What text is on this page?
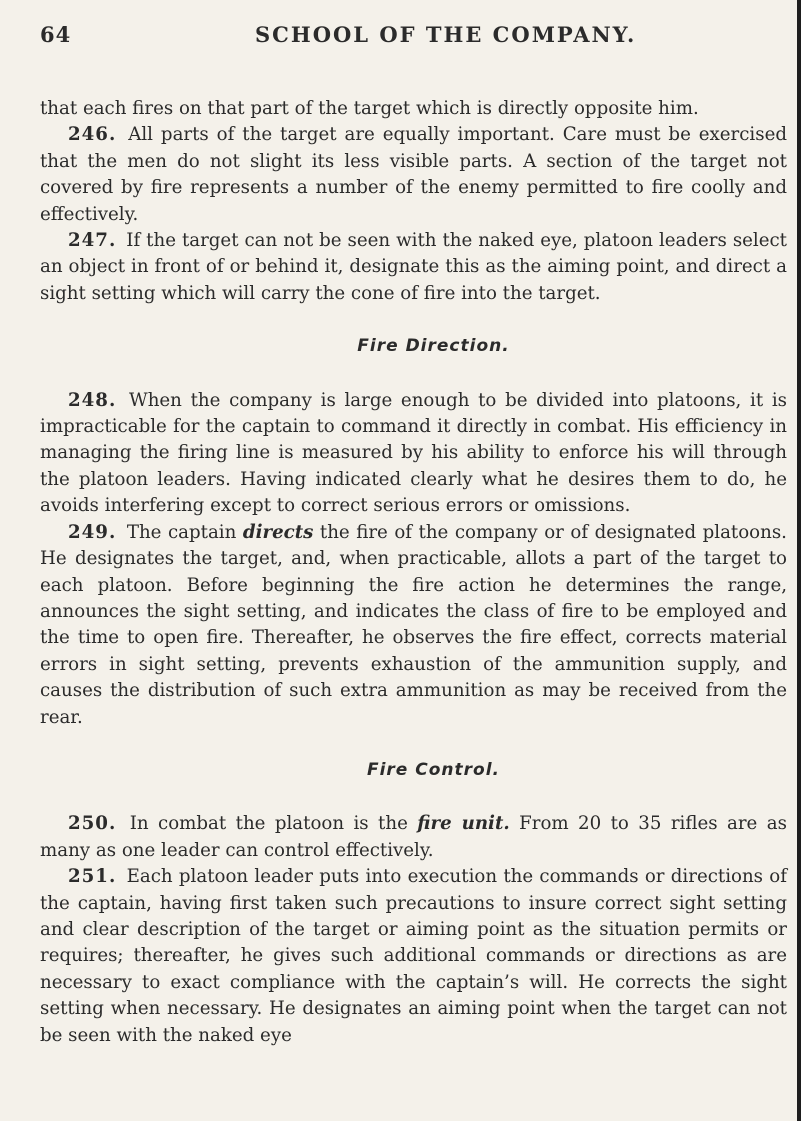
64	SCHOOL OF THE COMPANY.

that each fires on that part of the target which is directly opposite him.

246. All parts of the target are equally important. Care must be exercised that the men do not slight its less visible parts. A section of the target not covered by fire represents a number of the enemy permitted to fire coolly and effectively.

247. If the target can not be seen with the naked eye, platoon leaders select an object in front of or behind it, designate this as the aiming point, and direct a sight setting which will carry the cone of fire into the target.

Fire Direction.

248. When the company is large enough to be divided into platoons, it is impracticable for the captain to command it directly in combat. His efficiency in managing the firing line is measured by his ability to enforce his will through the platoon leaders. Having indicated clearly what he desires them to do, he avoids interfering except to correct serious errors or omissions.

249. The captain directs the fire of the company or of designated platoons. He designates the target, and, when practicable, allots a part of the target to each platoon. Before beginning the fire action he determines the range, announces the sight setting, and indicates the class of fire to be employed and the time to open fire. Thereafter, he observes the fire effect, corrects material errors in sight setting, prevents exhaustion of the ammunition supply, and causes the distribution of such extra ammunition as may be received from the rear.

Fire Control.

250. In combat the platoon is the fire unit. From 20 to 35 rifles are as many as one leader can control effectively.

251. Each platoon leader puts into execution the commands or directions of the captain, having first taken such precautions to insure correct sight setting and clear description of the target or aiming point as the situation permits or requires; thereafter, he gives such additional commands or directions as are necessary to exact compliance with the captain’s will. He corrects the sight setting when necessary. He designates an aiming point when the target can not be seen with the naked eye
